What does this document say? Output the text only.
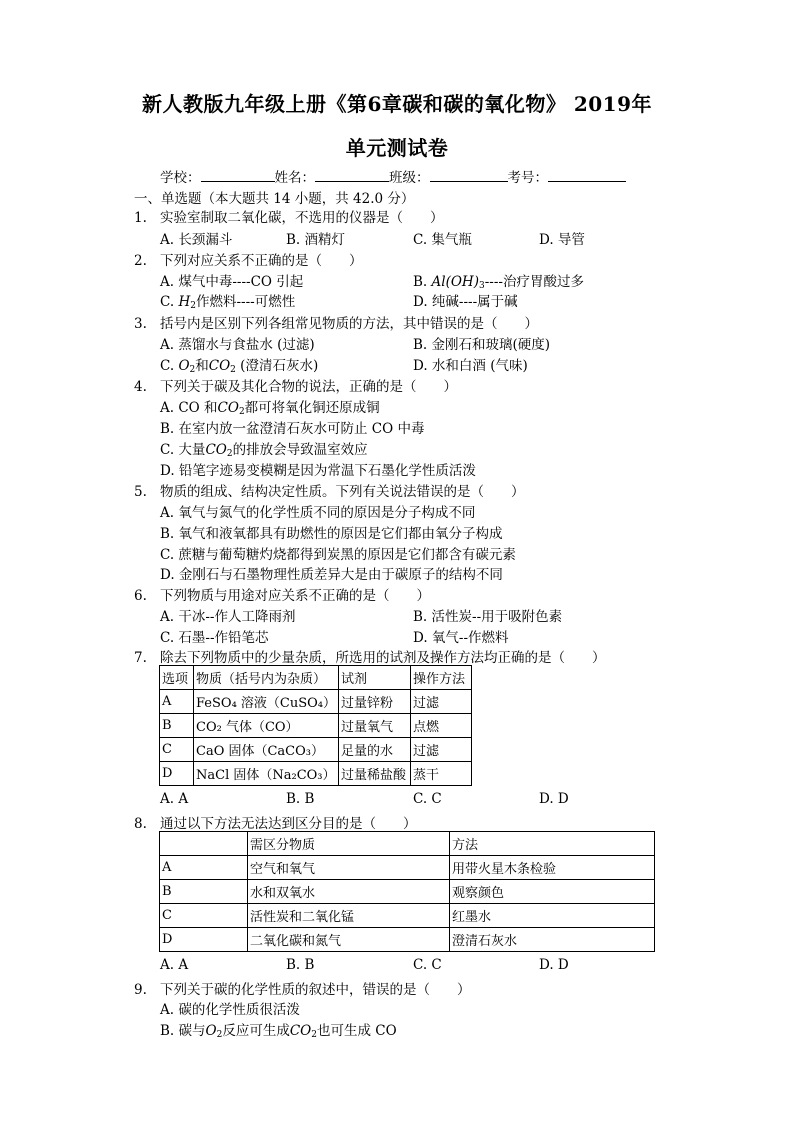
新人教版九年级上册《第6章碳和碳的氧化物》 2019年
单元测试卷
学校：	姓名：	班级：	考号：
一、单选题（本大题共 14 小题，共 42.0 分）
1. 实验室制取二氧化碳，不选用的仪器是（　　）
A. 长颈漏斗	B. 酒精灯	C. 集气瓶	D. 导管
2. 下列对应关系不正确的是（　　）
A. 煤气中毒----CO 引起	B. $Al(OH)_3----$治疗胃酸过多
C. $H_2$作燃料----可燃性	D. 纯碱----属于碱
3. 括号内是区别下列各组常见物质的方法，其中错误的是（　　）
A. 蒸馏水与食盐水 (过滤)	B. 金刚石和玻璃(硬度)
C. $O_2$和$CO_2$ (澄清石灰水)	D. 水和白酒 (气味)
4. 下列关于碳及其化合物的说法，正确的是（　　）
A. CO 和$CO_2$都可将氧化铜还原成铜
B. 在室内放一盆澄清石灰水可防止 CO 中毒
C. 大量$CO_2$的排放会导致温室效应
D. 铅笔字迹易变模糊是因为常温下石墨化学性质活泼
5. 物质的组成、结构决定性质。下列有关说法错误的是（　　）
A. 氧气与氮气的化学性质不同的原因是分子构成不同
B. 氧气和液氧都具有助燃性的原因是它们都由氧分子构成
C. 蔗糖与葡萄糖灼烧都得到炭黑的原因是它们都含有碳元素
D. 金刚石与石墨物理性质差异大是由于碳原子的结构不同
6. 下列物质与用途对应关系不正确的是（　　）
A. 干冰--作人工降雨剂	B. 活性炭--用于吸附色素
C. 石墨--作铅笔芯	D. 氧气--作燃料
7. 除去下列物质中的少量杂质，所选用的试剂及操作方法均正确的是（　　）
选项	物质（括号内为杂质）	试剂	操作方法
A	FeSO₄ 溶液（CuSO₄）	过量锌粉	过滤
B	CO₂ 气体（CO）	过量氧气	点燃
C	CaO 固体（CaCO₃）	足量的水	过滤
D	NaCl 固体（Na₂CO₃）	过量稀盐酸	蒸干
A. A	B. B	C. C	D. D
8. 通过以下方法无法达到区分目的是（　　）
	需区分物质	方法
A	空气和氧气	用带火星木条检验
B	水和双氧水	观察颜色
C	活性炭和二氧化锰	红墨水
D	二氧化碳和氮气	澄清石灰水
A. A	B. B	C. C	D. D
9. 下列关于碳的化学性质的叙述中，错误的是（　　）
A. 碳的化学性质很活泼
B. 碳与$O_2$反应可生成$CO_2$也可生成 CO
